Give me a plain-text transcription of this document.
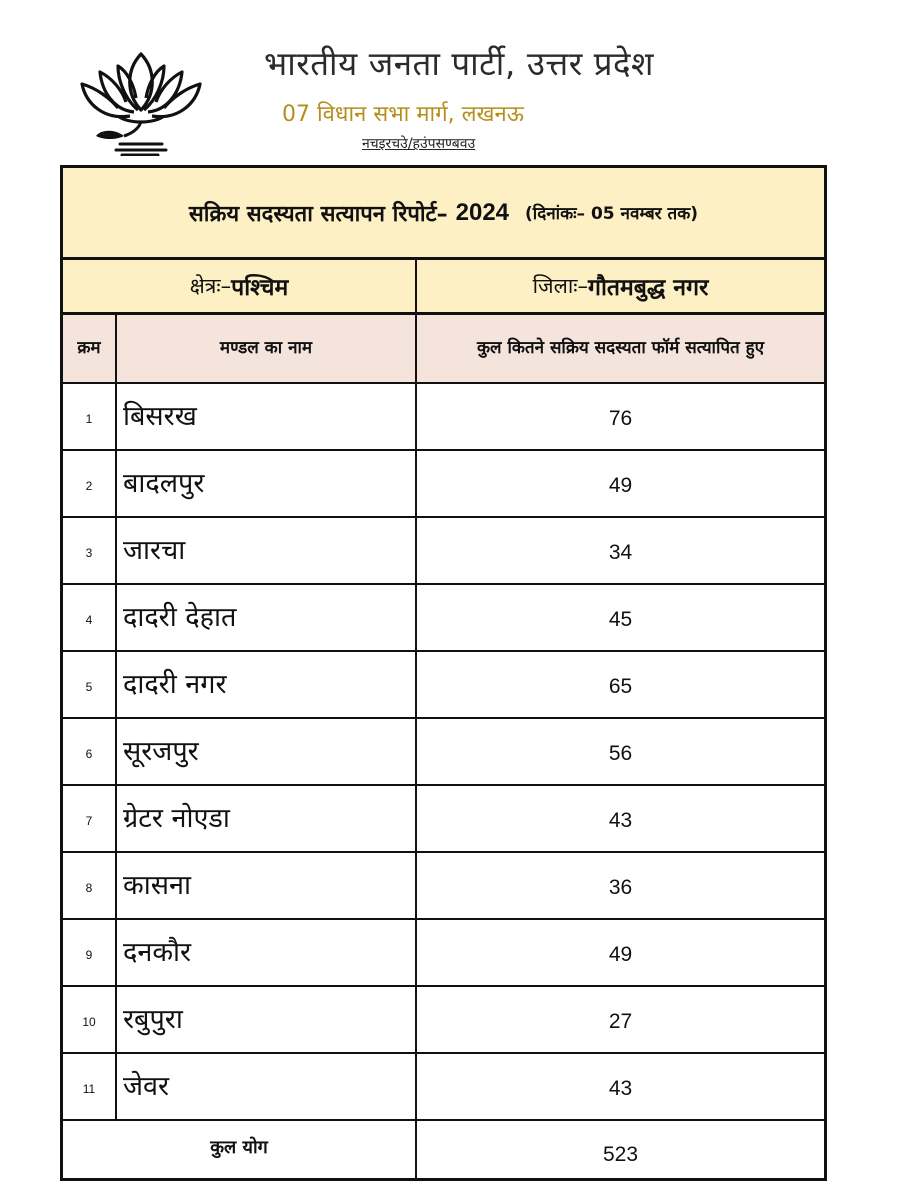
भारतीय जनता पार्टी, उत्तर प्रदेश
07 विधान सभा मार्ग, लखनऊ
नचइरचउे/हउंपसण्बवउ
सक्रिय सदस्यता सत्यापन रिपोर्ट– 2024 (दिनांकः– 05 नवम्बर तक)
क्षेत्रः– पश्चिम	जिलाः– गौतमबुद्ध नगर
क्रम	मण्डल का नाम	कुल कितने सक्रिय सदस्यता फॉर्म सत्यापित हुए
1	बिसरख	76
2	बादलपुर	49
3	जारचा	34
4	दादरी देहात	45
5	दादरी नगर	65
6	सूरजपुर	56
7	ग्रेटर नोएडा	43
8	कासना	36
9	दनकौर	49
10	रबुपुरा	27
11	जेवर	43
कुल योग	523
